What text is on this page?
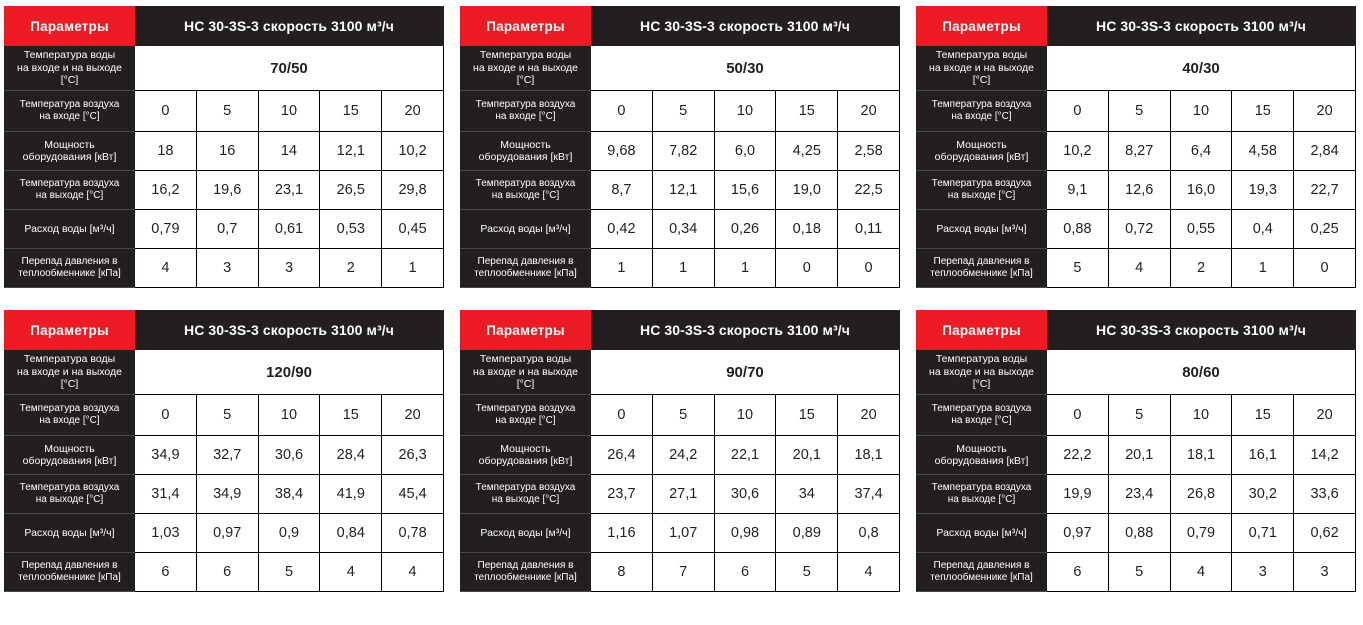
Параметры	НС 30-3S-3 скорость 3100 м³/ч				
Температура воды
на входе и на выходе
[°C]	70/50				
Температура воздуха
на входе [°C]	0	5	10	15	20
Мощность
оборудования [кВт]	18	16	14	12,1	10,2
Температура воздуха
на выходе [°C]	16,2	19,6	23,1	26,5	29,8
Расход воды [м³/ч]	0,79	0,7	0,61	0,53	0,45
Перепад давления в
теплообменнике [кПа]	4	3	3	2	1
Параметры	НС 30-3S-3 скорость 3100 м³/ч				
Температура воды
на входе и на выходе
[°C]	50/30				
Температура воздуха
на входе [°C]	0	5	10	15	20
Мощность
оборудования [кВт]	9,68	7,82	6,0	4,25	2,58
Температура воздуха
на выходе [°C]	8,7	12,1	15,6	19,0	22,5
Расход воды [м³/ч]	0,42	0,34	0,26	0,18	0,11
Перепад давления в
теплообменнике [кПа]	1	1	1	0	0
Параметры	НС 30-3S-3 скорость 3100 м³/ч				
Температура воды
на входе и на выходе
[°C]	40/30				
Температура воздуха
на входе [°C]	0	5	10	15	20
Мощность
оборудования [кВт]	10,2	8,27	6,4	4,58	2,84
Температура воздуха
на выходе [°C]	9,1	12,6	16,0	19,3	22,7
Расход воды [м³/ч]	0,88	0,72	0,55	0,4	0,25
Перепад давления в
теплообменнике [кПа]	5	4	2	1	0
Параметры	НС 30-3S-3 скорость 3100 м³/ч				
Температура воды
на входе и на выходе
[°C]	120/90				
Температура воздуха
на входе [°C]	0	5	10	15	20
Мощность
оборудования [кВт]	34,9	32,7	30,6	28,4	26,3
Температура воздуха
на выходе [°C]	31,4	34,9	38,4	41,9	45,4
Расход воды [м³/ч]	1,03	0,97	0,9	0,84	0,78
Перепад давления в
теплообменнике [кПа]	6	6	5	4	4
Параметры	НС 30-3S-3 скорость 3100 м³/ч				
Температура воды
на входе и на выходе
[°C]	90/70				
Температура воздуха
на входе [°C]	0	5	10	15	20
Мощность
оборудования [кВт]	26,4	24,2	22,1	20,1	18,1
Температура воздуха
на выходе [°C]	23,7	27,1	30,6	34	37,4
Расход воды [м³/ч]	1,16	1,07	0,98	0,89	0,8
Перепад давления в
теплообменнике [кПа]	8	7	6	5	4
Параметры	НС 30-3S-3 скорость 3100 м³/ч				
Температура воды
на входе и на выходе
[°C]	80/60				
Температура воздуха
на входе [°C]	0	5	10	15	20
Мощность
оборудования [кВт]	22,2	20,1	18,1	16,1	14,2
Температура воздуха
на выходе [°C]	19,9	23,4	26,8	30,2	33,6
Расход воды [м³/ч]	0,97	0,88	0,79	0,71	0,62
Перепад давления в
теплообменнике [кПа]	6	5	4	3	3
